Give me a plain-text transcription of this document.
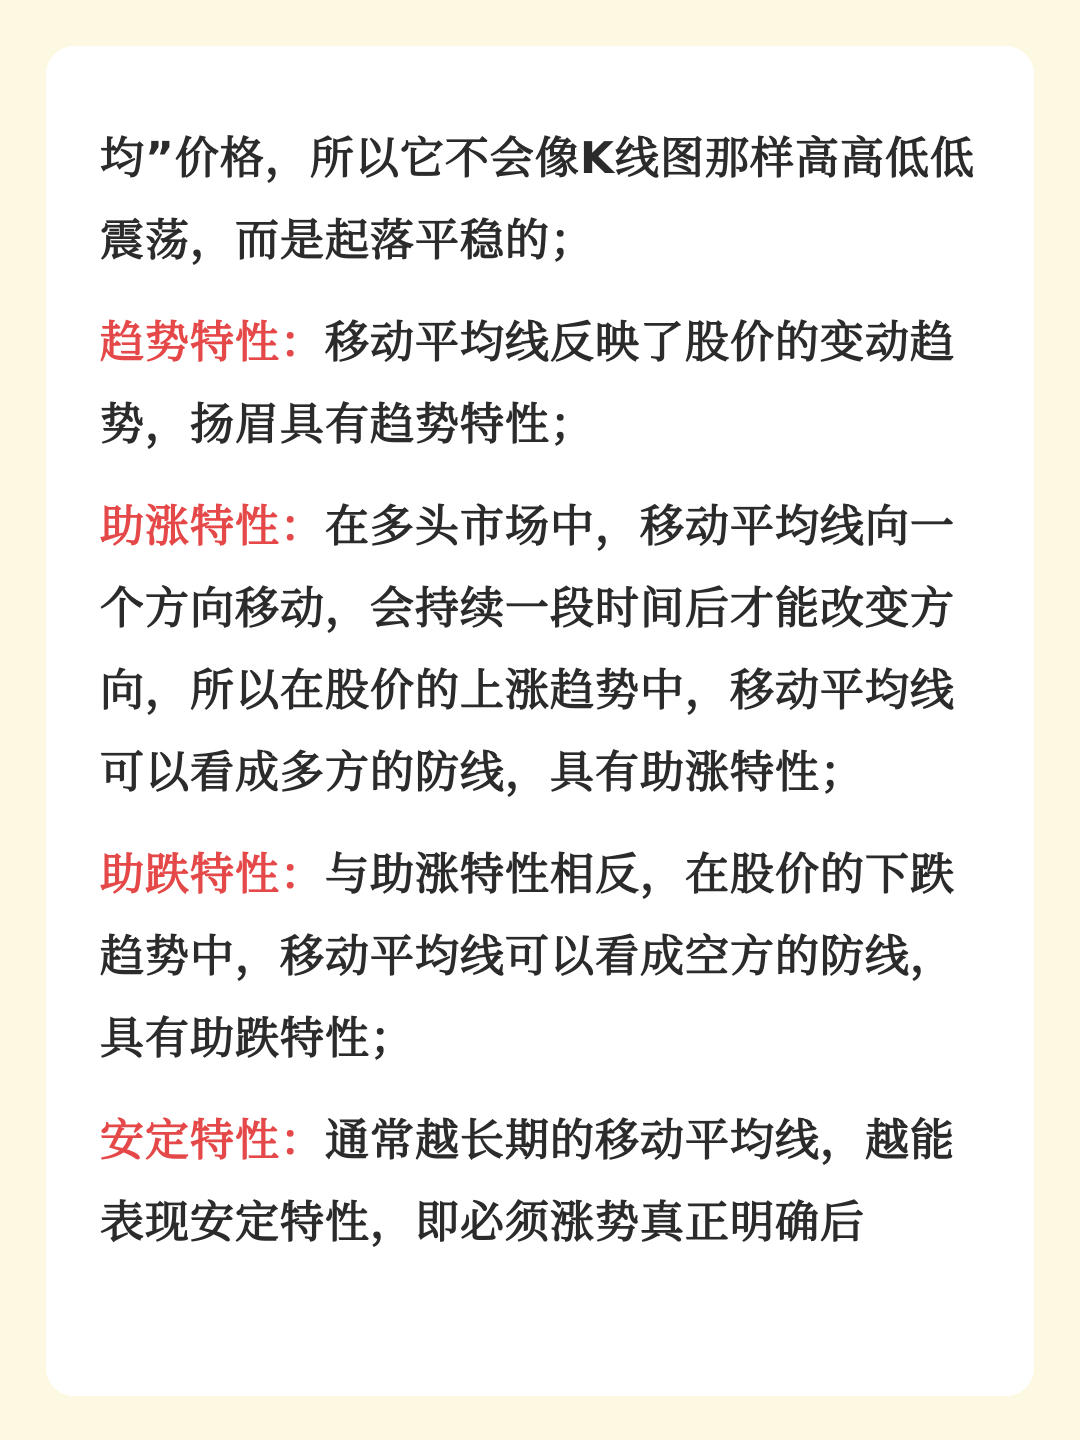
均”价格，所以它不会像K线图那样高高低低震荡，而是起落平稳的；

趋势特性：移动平均线反映了股价的变动趋势，扬眉具有趋势特性；

助涨特性：在多头市场中，移动平均线向一个方向移动，会持续一段时间后才能改变方向，所以在股价的上涨趋势中，移动平均线可以看成多方的防线，具有助涨特性；

助跌特性：与助涨特性相反，在股价的下跌趋势中，移动平均线可以看成空方的防线，具有助跌特性；

安定特性：通常越长期的移动平均线，越能表现安定特性，即必须涨势真正明确后
